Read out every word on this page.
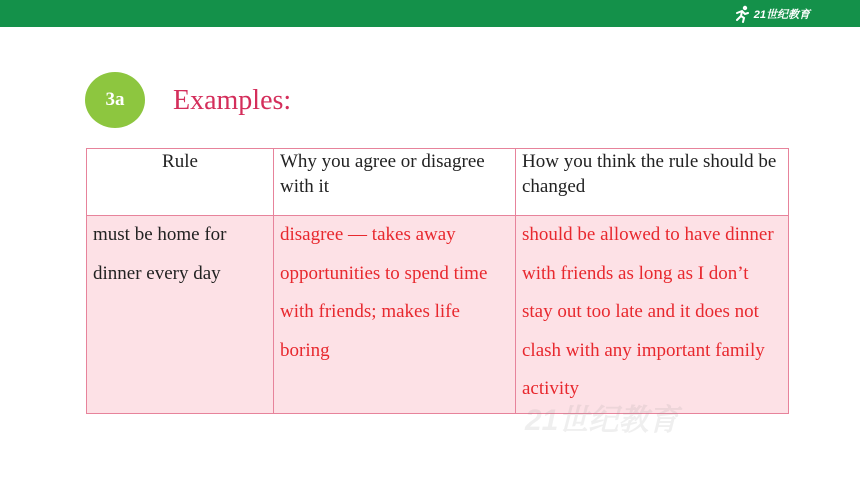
21世纪教育
3a Examples:
Rule	Why you agree or disagree with it	How you think the rule should be changed
must be home for dinner every day	disagree — takes away opportunities to spend time with friends; makes life boring	should be allowed to have dinner with friends as long as I don’t stay out too late and it does not clash with any important family activity
21世纪教育
